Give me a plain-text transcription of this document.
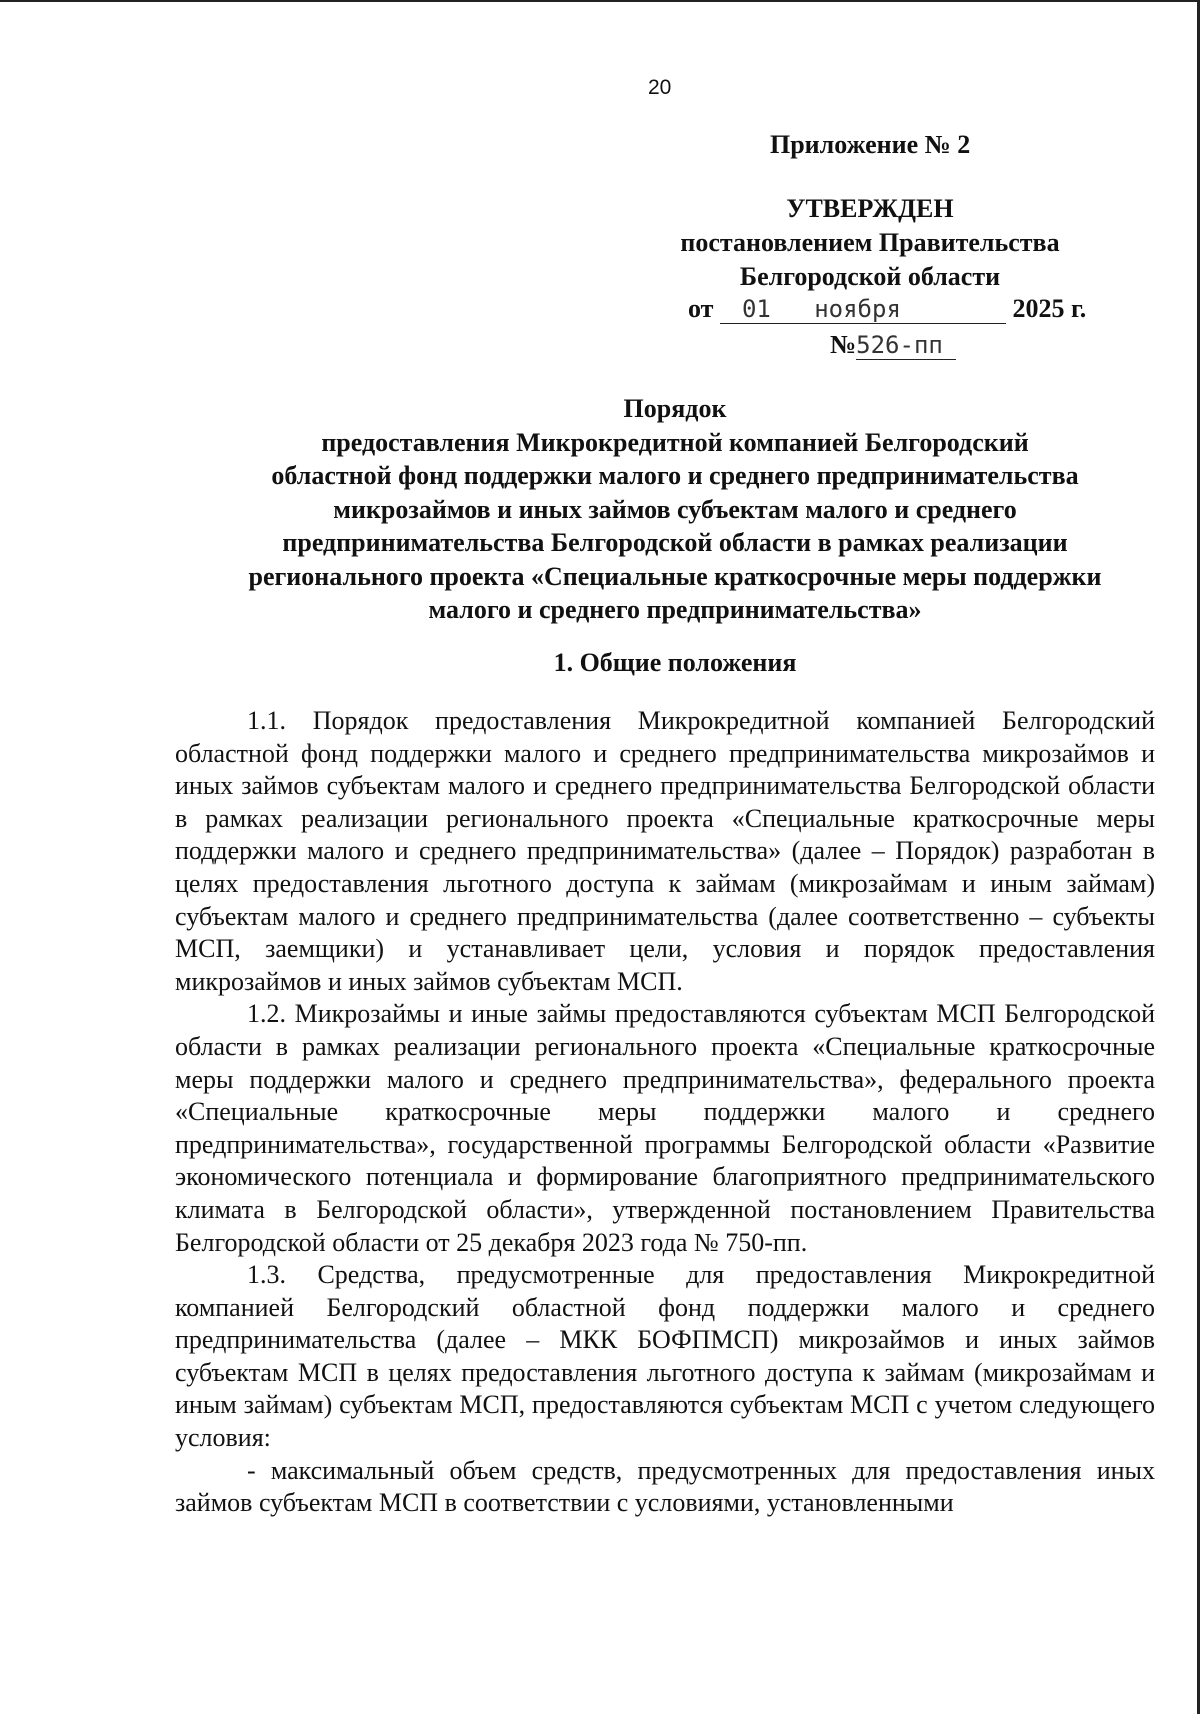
20
Приложение № 2
УТВЕРЖДЕН
постановлением Правительства
Белгородской области
от 01 ноября	2025 г.
№526-пп
Порядок
предоставления Микрокредитной компанией Белгородский
областной фонд поддержки малого и среднего предпринимательства
микрозаймов и иных займов субъектам малого и среднего
предпринимательства Белгородской области в рамках реализации
регионального проекта «Специальные краткосрочные меры поддержки
малого и среднего предпринимательства»
1. Общие положения

1.1. Порядок предоставления Микрокредитной компанией Белгородский областной фонд поддержки малого и среднего предпринимательства микрозаймов и иных займов субъектам малого и среднего предпринимательства Белгородской области в рамках реализации регионального проекта «Специальные краткосрочные меры поддержки малого и среднего предпринимательства» (далее – Порядок) разработан в целях предоставления льготного доступа к займам (микрозаймам и иным займам) субъектам малого и среднего предпринимательства (далее соответственно – субъекты МСП, заемщики) и устанавливает цели, условия и порядок предоставления микрозаймов и иных займов субъектам МСП.

1.2. Микрозаймы и иные займы предоставляются субъектам МСП Белгородской области в рамках реализации регионального проекта «Специальные краткосрочные меры поддержки малого и среднего предпринимательства», федерального проекта «Специальные краткосрочные меры поддержки малого и среднего предпринимательства», государственной программы Белгородской области «Развитие экономического потенциала и формирование благоприятного предпринимательского климата в Белгородской области», утвержденной постановлением Правительства Белгородской области от 25 декабря 2023 года № 750-пп.

1.3. Средства, предусмотренные для предоставления Микрокредитной компанией Белгородский областной фонд поддержки малого и среднего предпринимательства (далее – МКК БОФПМСП) микрозаймов и иных займов субъектам МСП в целях предоставления льготного доступа к займам (микрозаймам и иным займам) субъектам МСП, предоставляются субъектам МСП с учетом следующего условия:

- максимальный объем средств, предусмотренных для предоставления иных займов субъектам МСП в соответствии с условиями, установленными
